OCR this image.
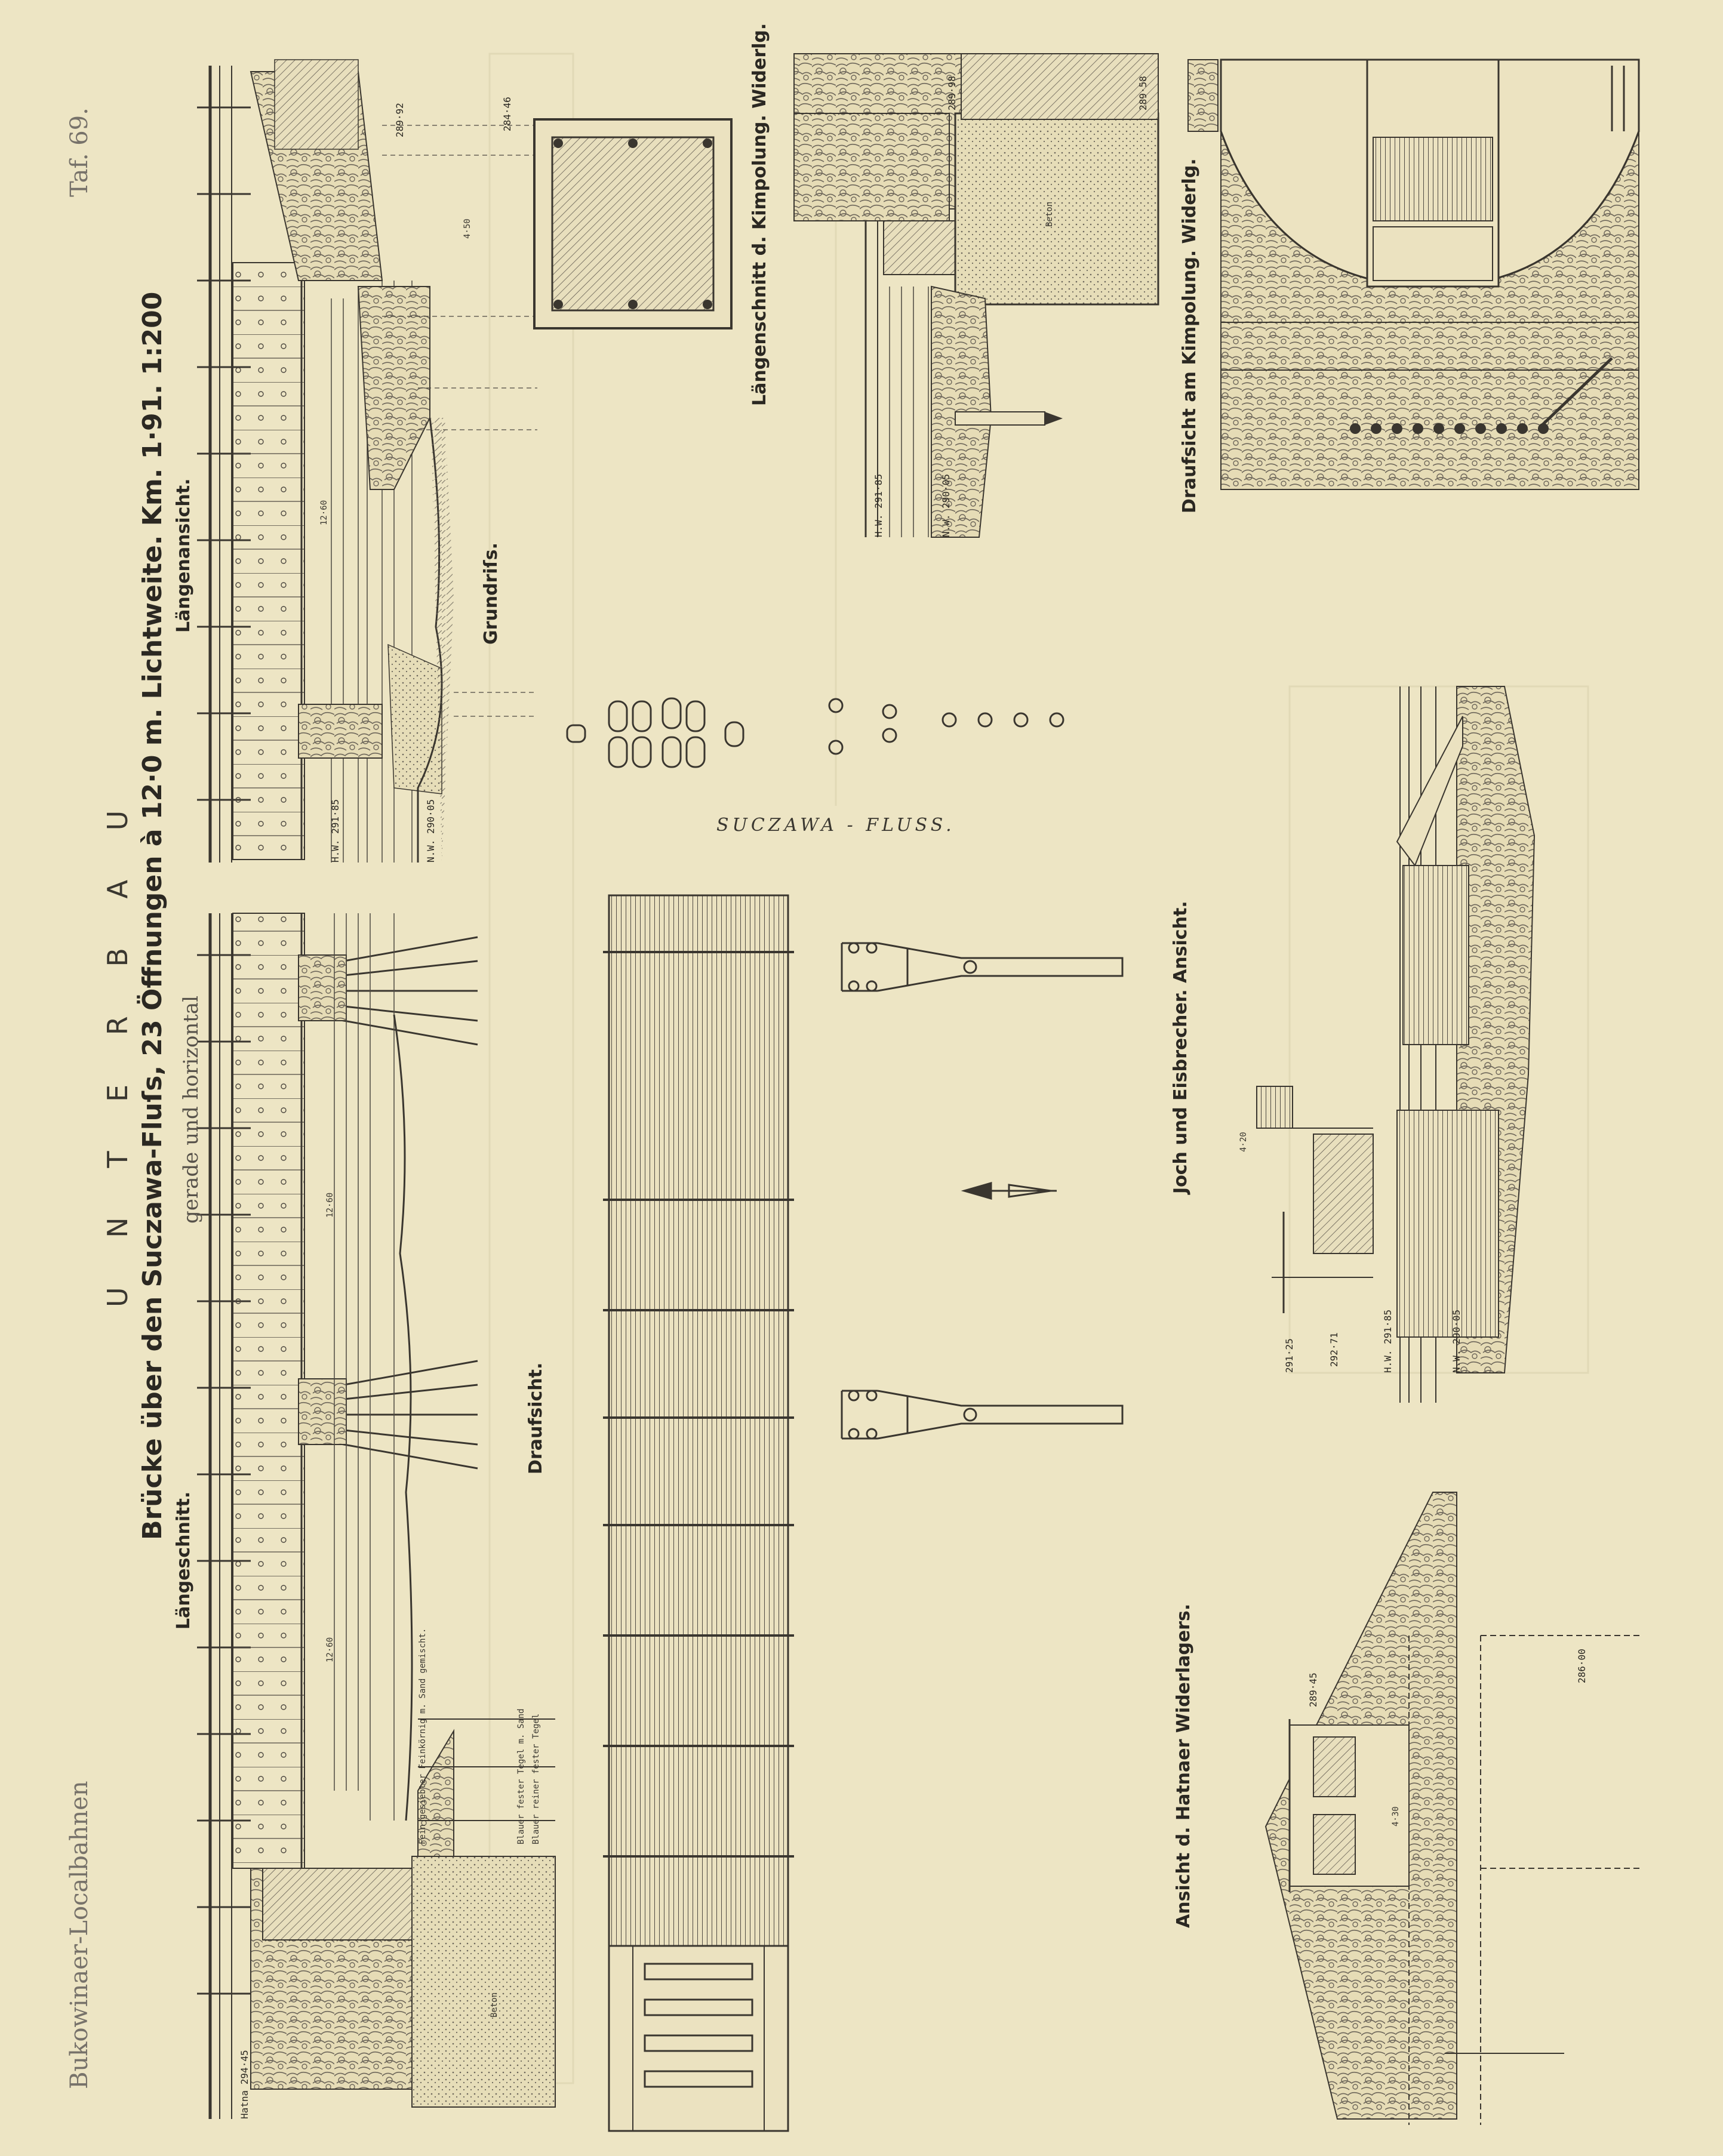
Taf. 69.
Bukowinaer-Localbahnen
U N T E R B A U Brücke über den Suczawa-Fluſs, 23 Öffnungen à 12·0 m. Lichtweite. Km. 1·91. 1:200 gerade und horizontal
Längenansicht.	Grundriſs.
Längeschnitt.
Draufsicht.
Längenschnitt d. Kimpolung. Widerlg.	Draufsicht am Kimpolung. Widerlg.
Joch und Eisbrecher. Ansicht.
Ansicht d. Hatnaer Widerlagers.
SUCZAWA - FLUSS.
H.W. 291·85	N.W. 290·05
H.W. 291·85	N.W. 290·05
H.W. 291·85	N.W. 290·05
289·92	284·46
289·58
289·98
Hatna 294·45
292·71
291·25
289·45
286·00
12·60
12·60
12·60
4·50
4·30
4·20
Fein gesiebter Feinkörnig m. Sand gemischt.	Blauer fester Tegel m. Sand Blauer reiner fester Tegel
Beton
Beton
